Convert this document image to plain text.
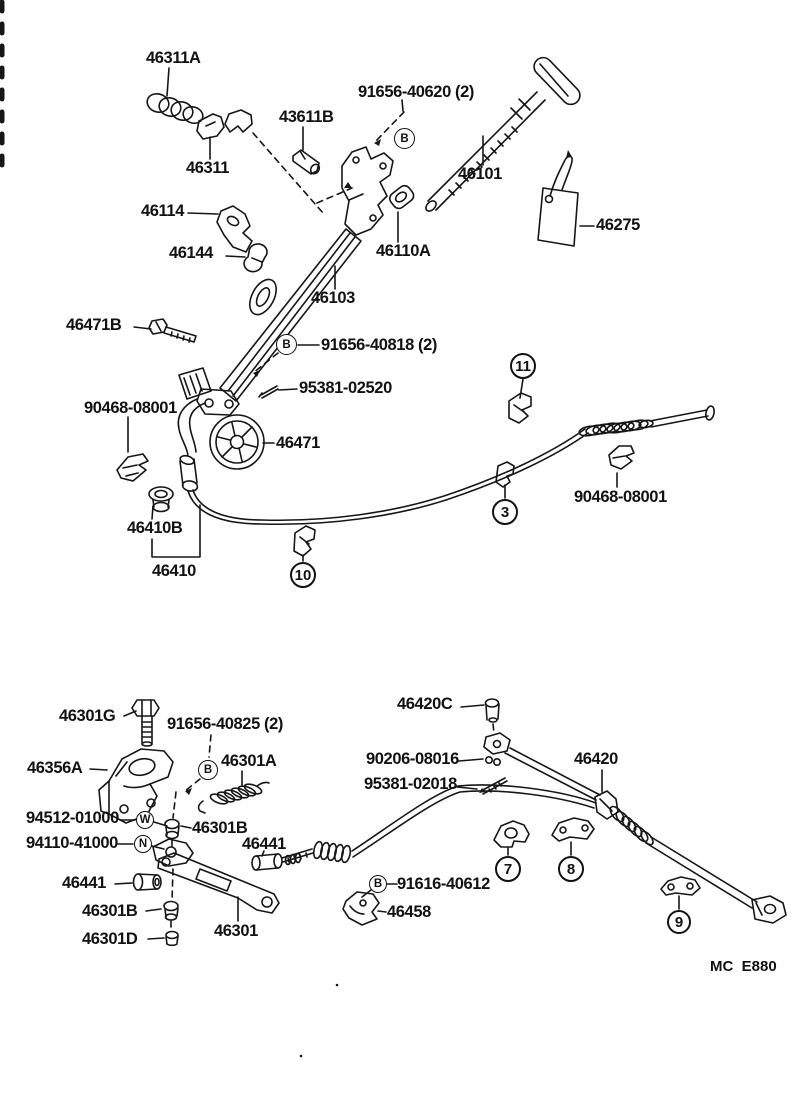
46311A
43611B
91656-40620 (2)
46311
46114
46101
46275
46144	46110A
46103
46471B
91656-40818 (2)
95381-02520
90468-08001
46471
46410B
46410
90468-08001
46301G	91656-40825 (2)
46356A	46301A
94512-01000
94110-41000
46301B
46441
46441
46301B
46301D	46301
46420C
90206-08016
95381-02018
46420
91616-40612
46458
11
3
10
7	8
9
B
B
B
B
W
N
MC  E880
